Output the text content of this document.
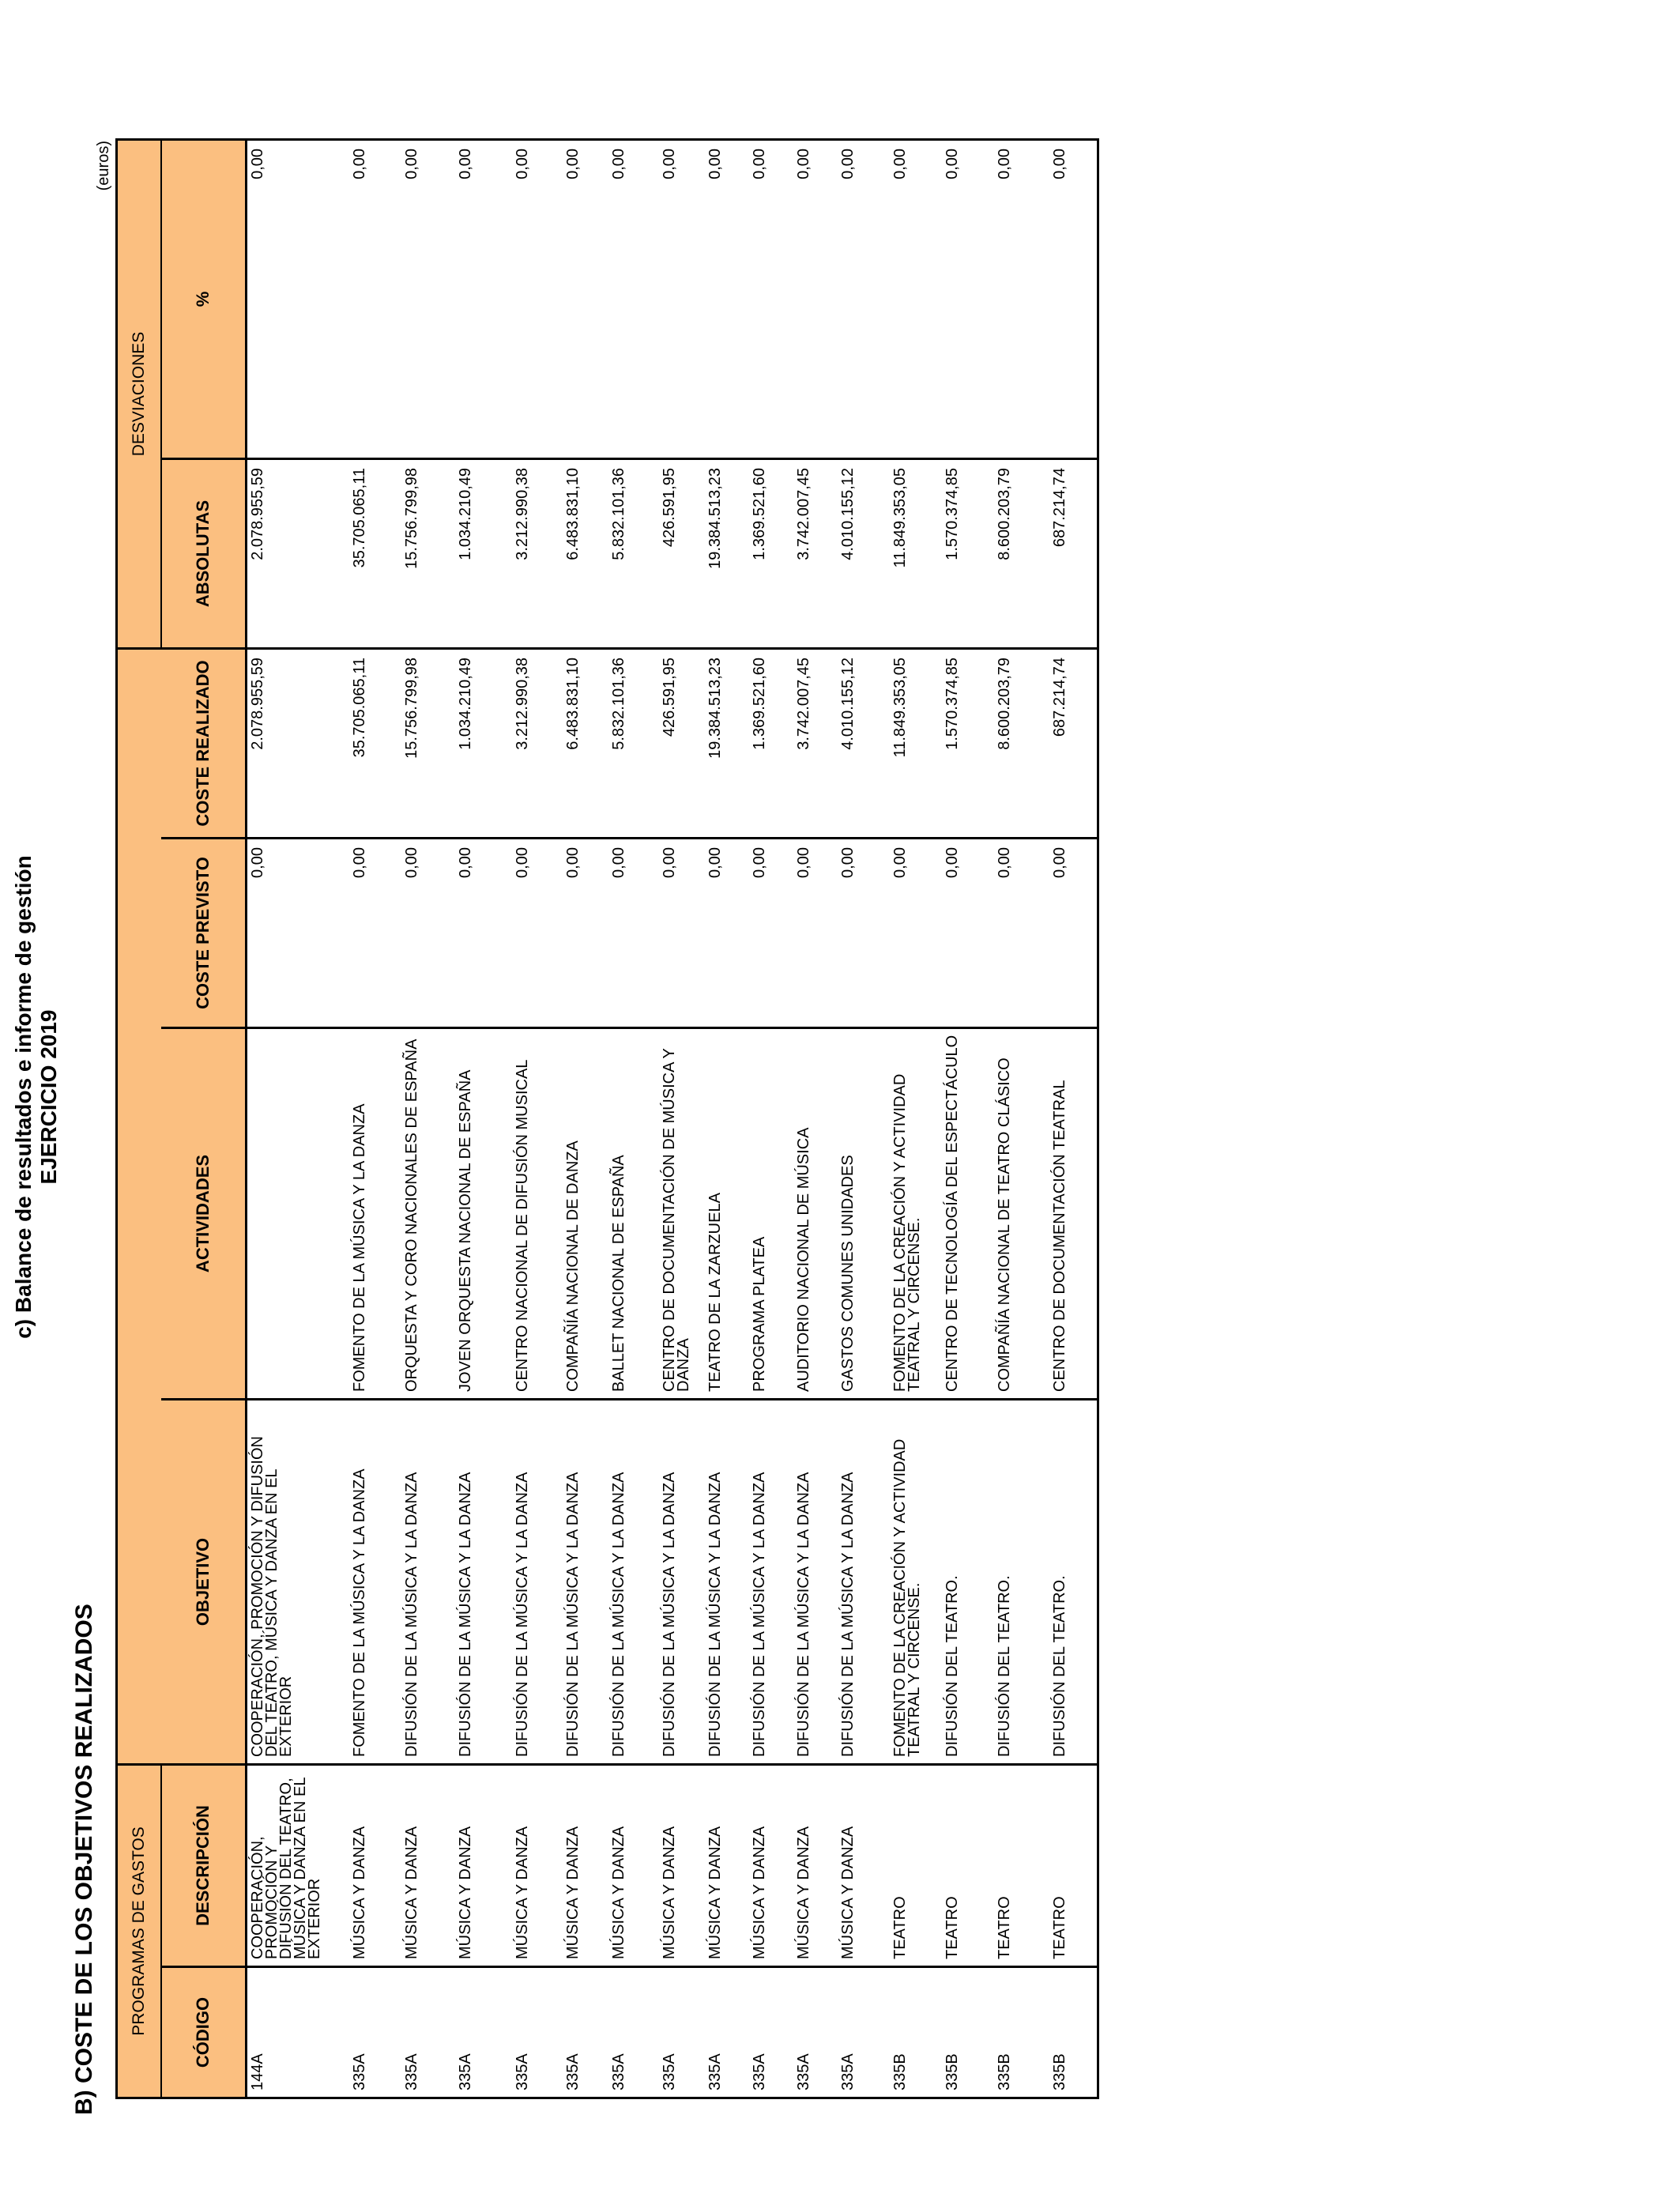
c) Balance de resultados e informe de gestión EJERCICIO 2019
B) COSTE DE LOS OBJETIVOS REALIZADOS PROGRAMAS DE GASTOS						DESVIACIONES	
CÓDIGO	DESCRIPCIÓN	OBJETIVO	ACTIVIDADES	COSTE PREVISTO	COSTE REALIZADO	ABSOLUTAS	%
144A	COOPERACIÓN, PROMOCIÓN Y DIFUSIÓN DEL TEATRO, MÚSICA Y DANZA EN EL EXTERIOR	COOPERACIÓN, PROMOCIÓN Y DIFUSIÓN DEL TEATRO, MÚSICA Y DANZA EN EL EXTERIOR		0,00	2.078.955,59	2.078.955,59	0,00
335A	MÚSICA Y DANZA	FOMENTO DE LA MÚSICA Y LA DANZA	FOMENTO DE LA MÚSICA Y LA DANZA	0,00	35.705.065,11	35.705.065,11	0,00
335A	MÚSICA Y DANZA	DIFUSIÓN DE LA MÚSICA Y LA DANZA	ORQUESTA Y CORO NACIONALES DE ESPAÑA	0,00	15.756.799,98	15.756.799,98	0,00
335A	MÚSICA Y DANZA	DIFUSIÓN DE LA MÚSICA Y LA DANZA	JOVEN ORQUESTA NACIONAL DE ESPAÑA	0,00	1.034.210,49	1.034.210,49	0,00
335A	MÚSICA Y DANZA	DIFUSIÓN DE LA MÚSICA Y LA DANZA	CENTRO NACIONAL DE DIFUSIÓN MUSICAL	0,00	3.212.990,38	3.212.990,38	0,00
335A	MÚSICA Y DANZA	DIFUSIÓN DE LA MÚSICA Y LA DANZA	COMPAÑÍA NACIONAL DE DANZA	0,00	6.483.831,10	6.483.831,10	0,00
335A	MÚSICA Y DANZA	DIFUSIÓN DE LA MÚSICA Y LA DANZA	BALLET NACIONAL DE ESPAÑA	0,00	5.832.101,36	5.832.101,36	0,00
335A	MÚSICA Y DANZA	DIFUSIÓN DE LA MÚSICA Y LA DANZA	CENTRO DE DOCUMENTACIÓN DE MÚSICA Y DANZA	0,00	426.591,95	426.591,95	0,00
335A	MÚSICA Y DANZA	DIFUSIÓN DE LA MÚSICA Y LA DANZA	TEATRO DE LA ZARZUELA	0,00	19.384.513,23	19.384.513,23	0,00
335A	MÚSICA Y DANZA	DIFUSIÓN DE LA MÚSICA Y LA DANZA	PROGRAMA PLATEA	0,00	1.369.521,60	1.369.521,60	0,00
335A	MÚSICA Y DANZA	DIFUSIÓN DE LA MÚSICA Y LA DANZA	AUDITORIO NACIONAL DE MÚSICA	0,00	3.742.007,45	3.742.007,45	0,00
335A	MÚSICA Y DANZA	DIFUSIÓN DE LA MÚSICA Y LA DANZA	GASTOS COMUNES UNIDADES	0,00	4.010.155,12	4.010.155,12	0,00
335B	TEATRO	FOMENTO DE LA CREACIÓN Y ACTIVIDAD TEATRAL Y CIRCENSE.	FOMENTO DE LA CREACIÓN Y ACTIVIDAD TEATRAL Y CIRCENSE.	0,00	11.849.353,05	11.849.353,05	0,00
335B	TEATRO	DIFUSIÓN DEL TEATRO.	CENTRO DE TECNOLOGÍA DEL ESPECTÁCULO	0,00	1.570.374,85	1.570.374,85	0,00
335B	TEATRO	DIFUSIÓN DEL TEATRO.	COMPAÑÍA NACIONAL DE TEATRO CLÁSICO	0,00	8.600.203,79	8.600.203,79	0,00
335B	TEATRO	DIFUSIÓN DEL TEATRO.	CENTRO DE DOCUMENTACIÓN TEATRAL	0,00	687.214,74	687.214,74	0,00
(euros)
